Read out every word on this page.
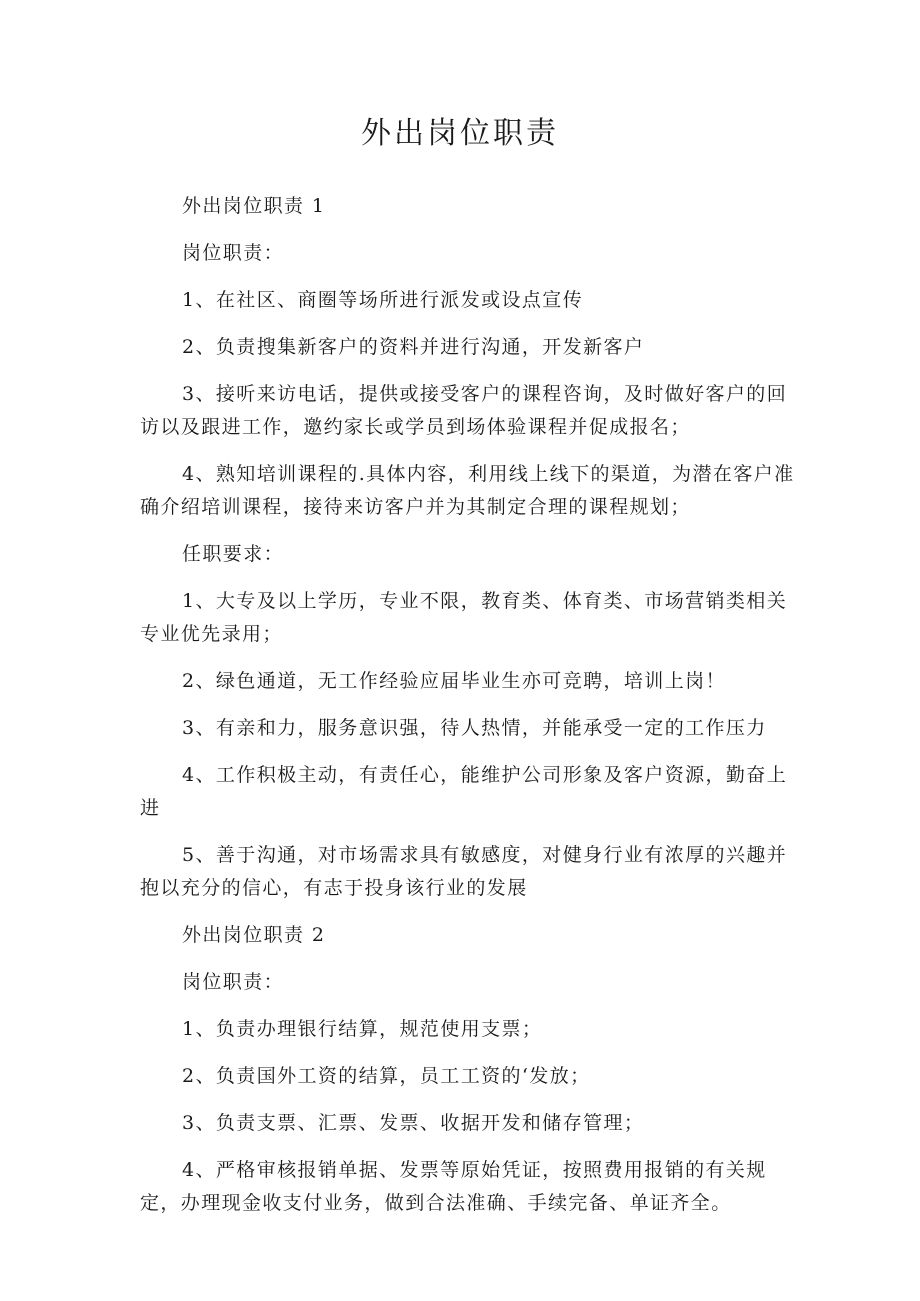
外出岗位职责

外出岗位职责 1

岗位职责：

1、在社区、商圈等场所进行派发或设点宣传

2、负责搜集新客户的资料并进行沟通，开发新客户

3、接听来访电话，提供或接受客户的课程咨询，及时做好客户的回访以及跟进工作，邀约家长或学员到场体验课程并促成报名；

4、熟知培训课程的.具体内容，利用线上线下的渠道，为潜在客户准确介绍培训课程，接待来访客户并为其制定合理的课程规划；

任职要求：

1、大专及以上学历，专业不限，教育类、体育类、市场营销类相关专业优先录用；

2、绿色通道，无工作经验应届毕业生亦可竞聘，培训上岗！

3、有亲和力，服务意识强，待人热情，并能承受一定的工作压力

4、工作积极主动，有责任心，能维护公司形象及客户资源，勤奋上进

5、善于沟通，对市场需求具有敏感度，对健身行业有浓厚的兴趣并抱以充分的信心，有志于投身该行业的发展

外出岗位职责 2

岗位职责：

1、负责办理银行结算，规范使用支票；

2、负责国外工资的结算，员工工资的‘发放；

3、负责支票、汇票、发票、收据开发和储存管理；

4、严格审核报销单据、发票等原始凭证，按照费用报销的有关规定，办理现金收支付业务，做到合法准确、手续完备、单证齐全。
